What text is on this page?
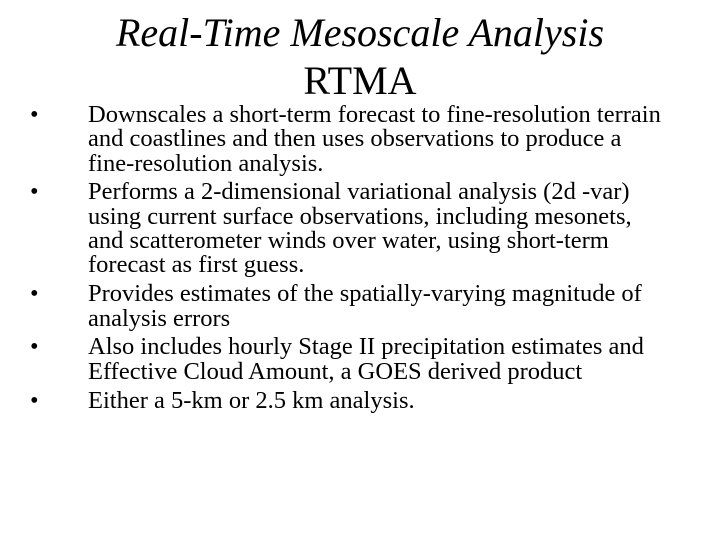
Real-Time Mesoscale Analysis
RTMA
• Downscales a short-term forecast to fine-resolution terrain and coastlines and then uses observations to produce a fine-resolution analysis.
• Performs a 2-dimensional variational analysis (2d -var) using current surface observations, including mesonets, and scatterometer winds over water, using short-term forecast as first guess.
• Provides estimates of the spatially-varying magnitude of analysis errors
• Also includes hourly Stage II precipitation estimates and Effective Cloud Amount, a GOES derived product
• Either a 5-km or 2.5 km analysis.
